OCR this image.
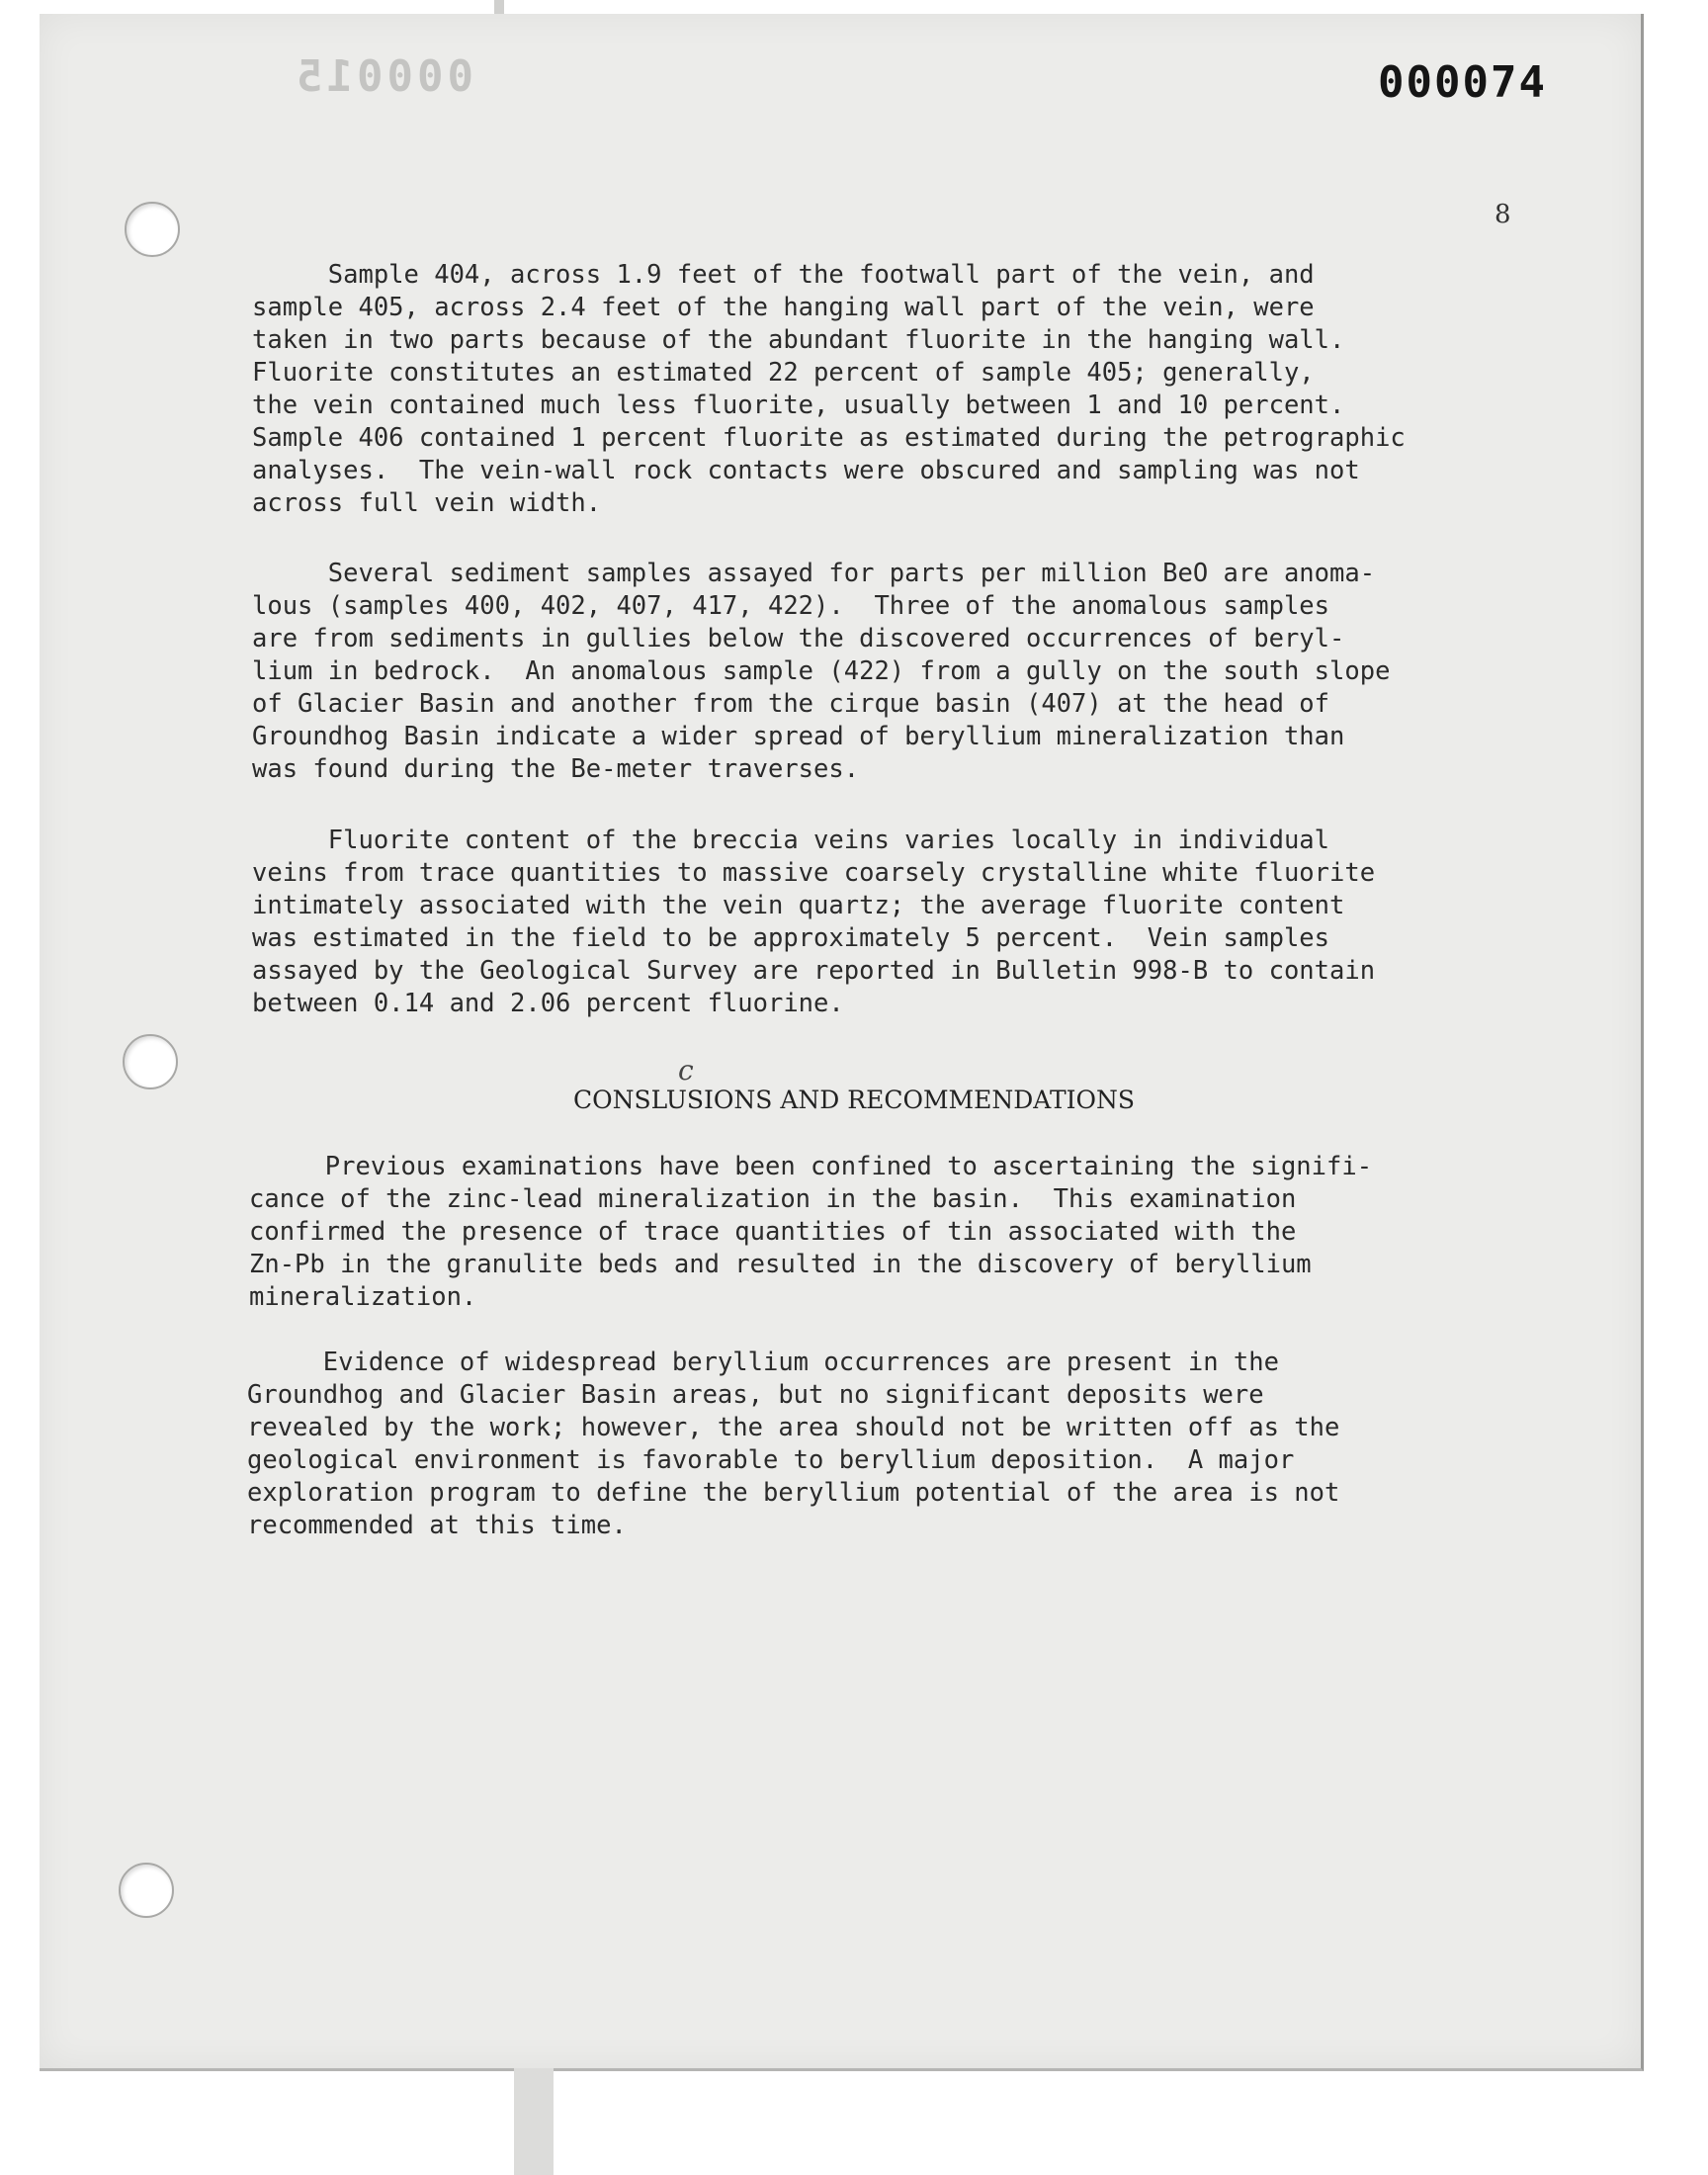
000015	000074
8

Sample 404, across 1.9 feet of the footwall part of the vein, and
sample 405, across 2.4 feet of the hanging wall part of the vein, were
taken in two parts because of the abundant fluorite in the hanging wall.
Fluorite constitutes an estimated 22 percent of sample 405; generally,
the vein contained much less fluorite, usually between 1 and 10 percent.
Sample 406 contained 1 percent fluorite as estimated during the petrographic
analyses.  The vein-wall rock contacts were obscured and sampling was not
across full vein width.

Several sediment samples assayed for parts per million BeO are anoma-
lous (samples 400, 402, 407, 417, 422).  Three of the anomalous samples
are from sediments in gullies below the discovered occurrences of beryl-
lium in bedrock.  An anomalous sample (422) from a gully on the south slope
of Glacier Basin and another from the cirque basin (407) at the head of
Groundhog Basin indicate a wider spread of beryllium mineralization than
was found during the Be-meter traverses.

Fluorite content of the breccia veins varies locally in individual
veins from trace quantities to massive coarsely crystalline white fluorite
intimately associated with the vein quartz; the average fluorite content
was estimated in the field to be approximately 5 percent.  Vein samples
assayed by the Geological Survey are reported in Bulletin 998-B to contain
between 0.14 and 2.06 percent fluorine.

c
CONSLUSIONS AND RECOMMENDATIONS

Previous examinations have been confined to ascertaining the signifi-
cance of the zinc-lead mineralization in the basin.  This examination
confirmed the presence of trace quantities of tin associated with the
Zn-Pb in the granulite beds and resulted in the discovery of beryllium
mineralization.

Evidence of widespread beryllium occurrences are present in the
Groundhog and Glacier Basin areas, but no significant deposits were
revealed by the work; however, the area should not be written off as the
geological environment is favorable to beryllium deposition.  A major
exploration program to define the beryllium potential of the area is not
recommended at this time.
